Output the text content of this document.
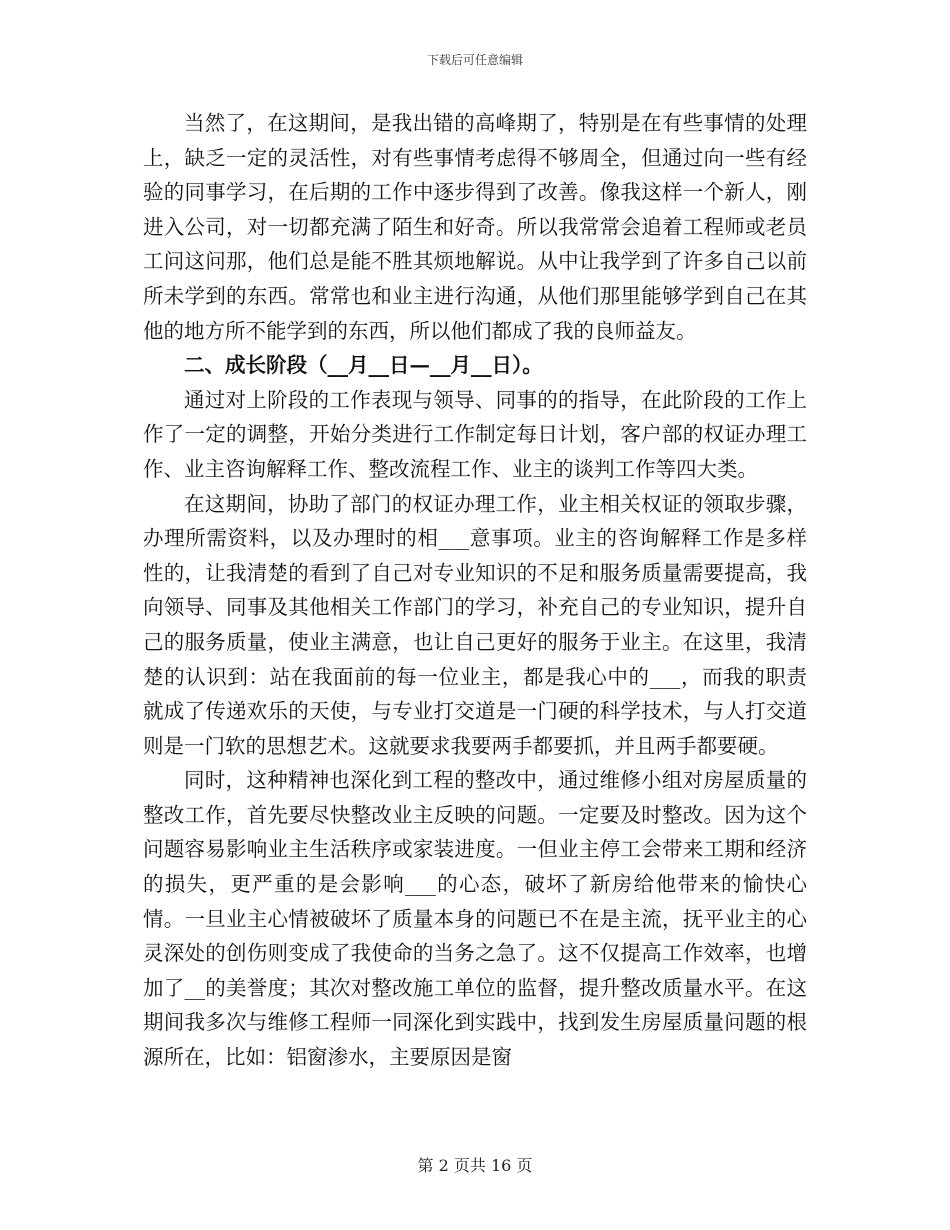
下载后可任意编辑

当然了，在这期间，是我出错的高峰期了，特别是在有些事情的处理上，缺乏一定的灵活性，对有些事情考虑得不够周全，但通过向一些有经验的同事学习，在后期的工作中逐步得到了改善。像我这样一个新人，刚进入公司，对一切都充满了陌生和好奇。所以我常常会追着工程师或老员工问这问那，他们总是能不胜其烦地解说。从中让我学到了许多自己以前所未学到的东西。常常也和业主进行沟通，从他们那里能够学到自己在其他的地方所不能学到的东西，所以他们都成了我的良师益友。

二、成长阶段（__月__日—__月__日）。

通过对上阶段的工作表现与领导、同事的的指导，在此阶段的工作上作了一定的调整，开始分类进行工作制定每日计划，客户部的权证办理工作、业主咨询解释工作、整改流程工作、业主的谈判工作等四大类。

在这期间，协助了部门的权证办理工作，业主相关权证的领取步骤，办理所需资料，以及办理时的相___意事项。业主的咨询解释工作是多样性的，让我清楚的看到了自己对专业知识的不足和服务质量需要提高，我向领导、同事及其他相关工作部门的学习，补充自己的专业知识，提升自己的服务质量，使业主满意，也让自己更好的服务于业主。在这里，我清楚的认识到：站在我面前的每一位业主，都是我心中的___，而我的职责就成了传递欢乐的天使，与专业打交道是一门硬的科学技术，与人打交道则是一门软的思想艺术。这就要求我要两手都要抓，并且两手都要硬。

同时，这种精神也深化到工程的整改中，通过维修小组对房屋质量的整改工作，首先要尽快整改业主反映的问题。一定要及时整改。因为这个问题容易影响业主生活秩序或家装进度。一但业主停工会带来工期和经济的损失，更严重的是会影响___的心态，破坏了新房给他带来的愉快心情。一旦业主心情被破坏了质量本身的问题已不在是主流，抚平业主的心灵深处的创伤则变成了我使命的当务之急了。这不仅提高工作效率，也增加了__的美誉度；其次对整改施工单位的监督，提升整改质量水平。在这期间我多次与维修工程师一同深化到实践中，找到发生房屋质量问题的根源所在，比如：铝窗渗水，主要原因是窗

第 2 页共 16 页
